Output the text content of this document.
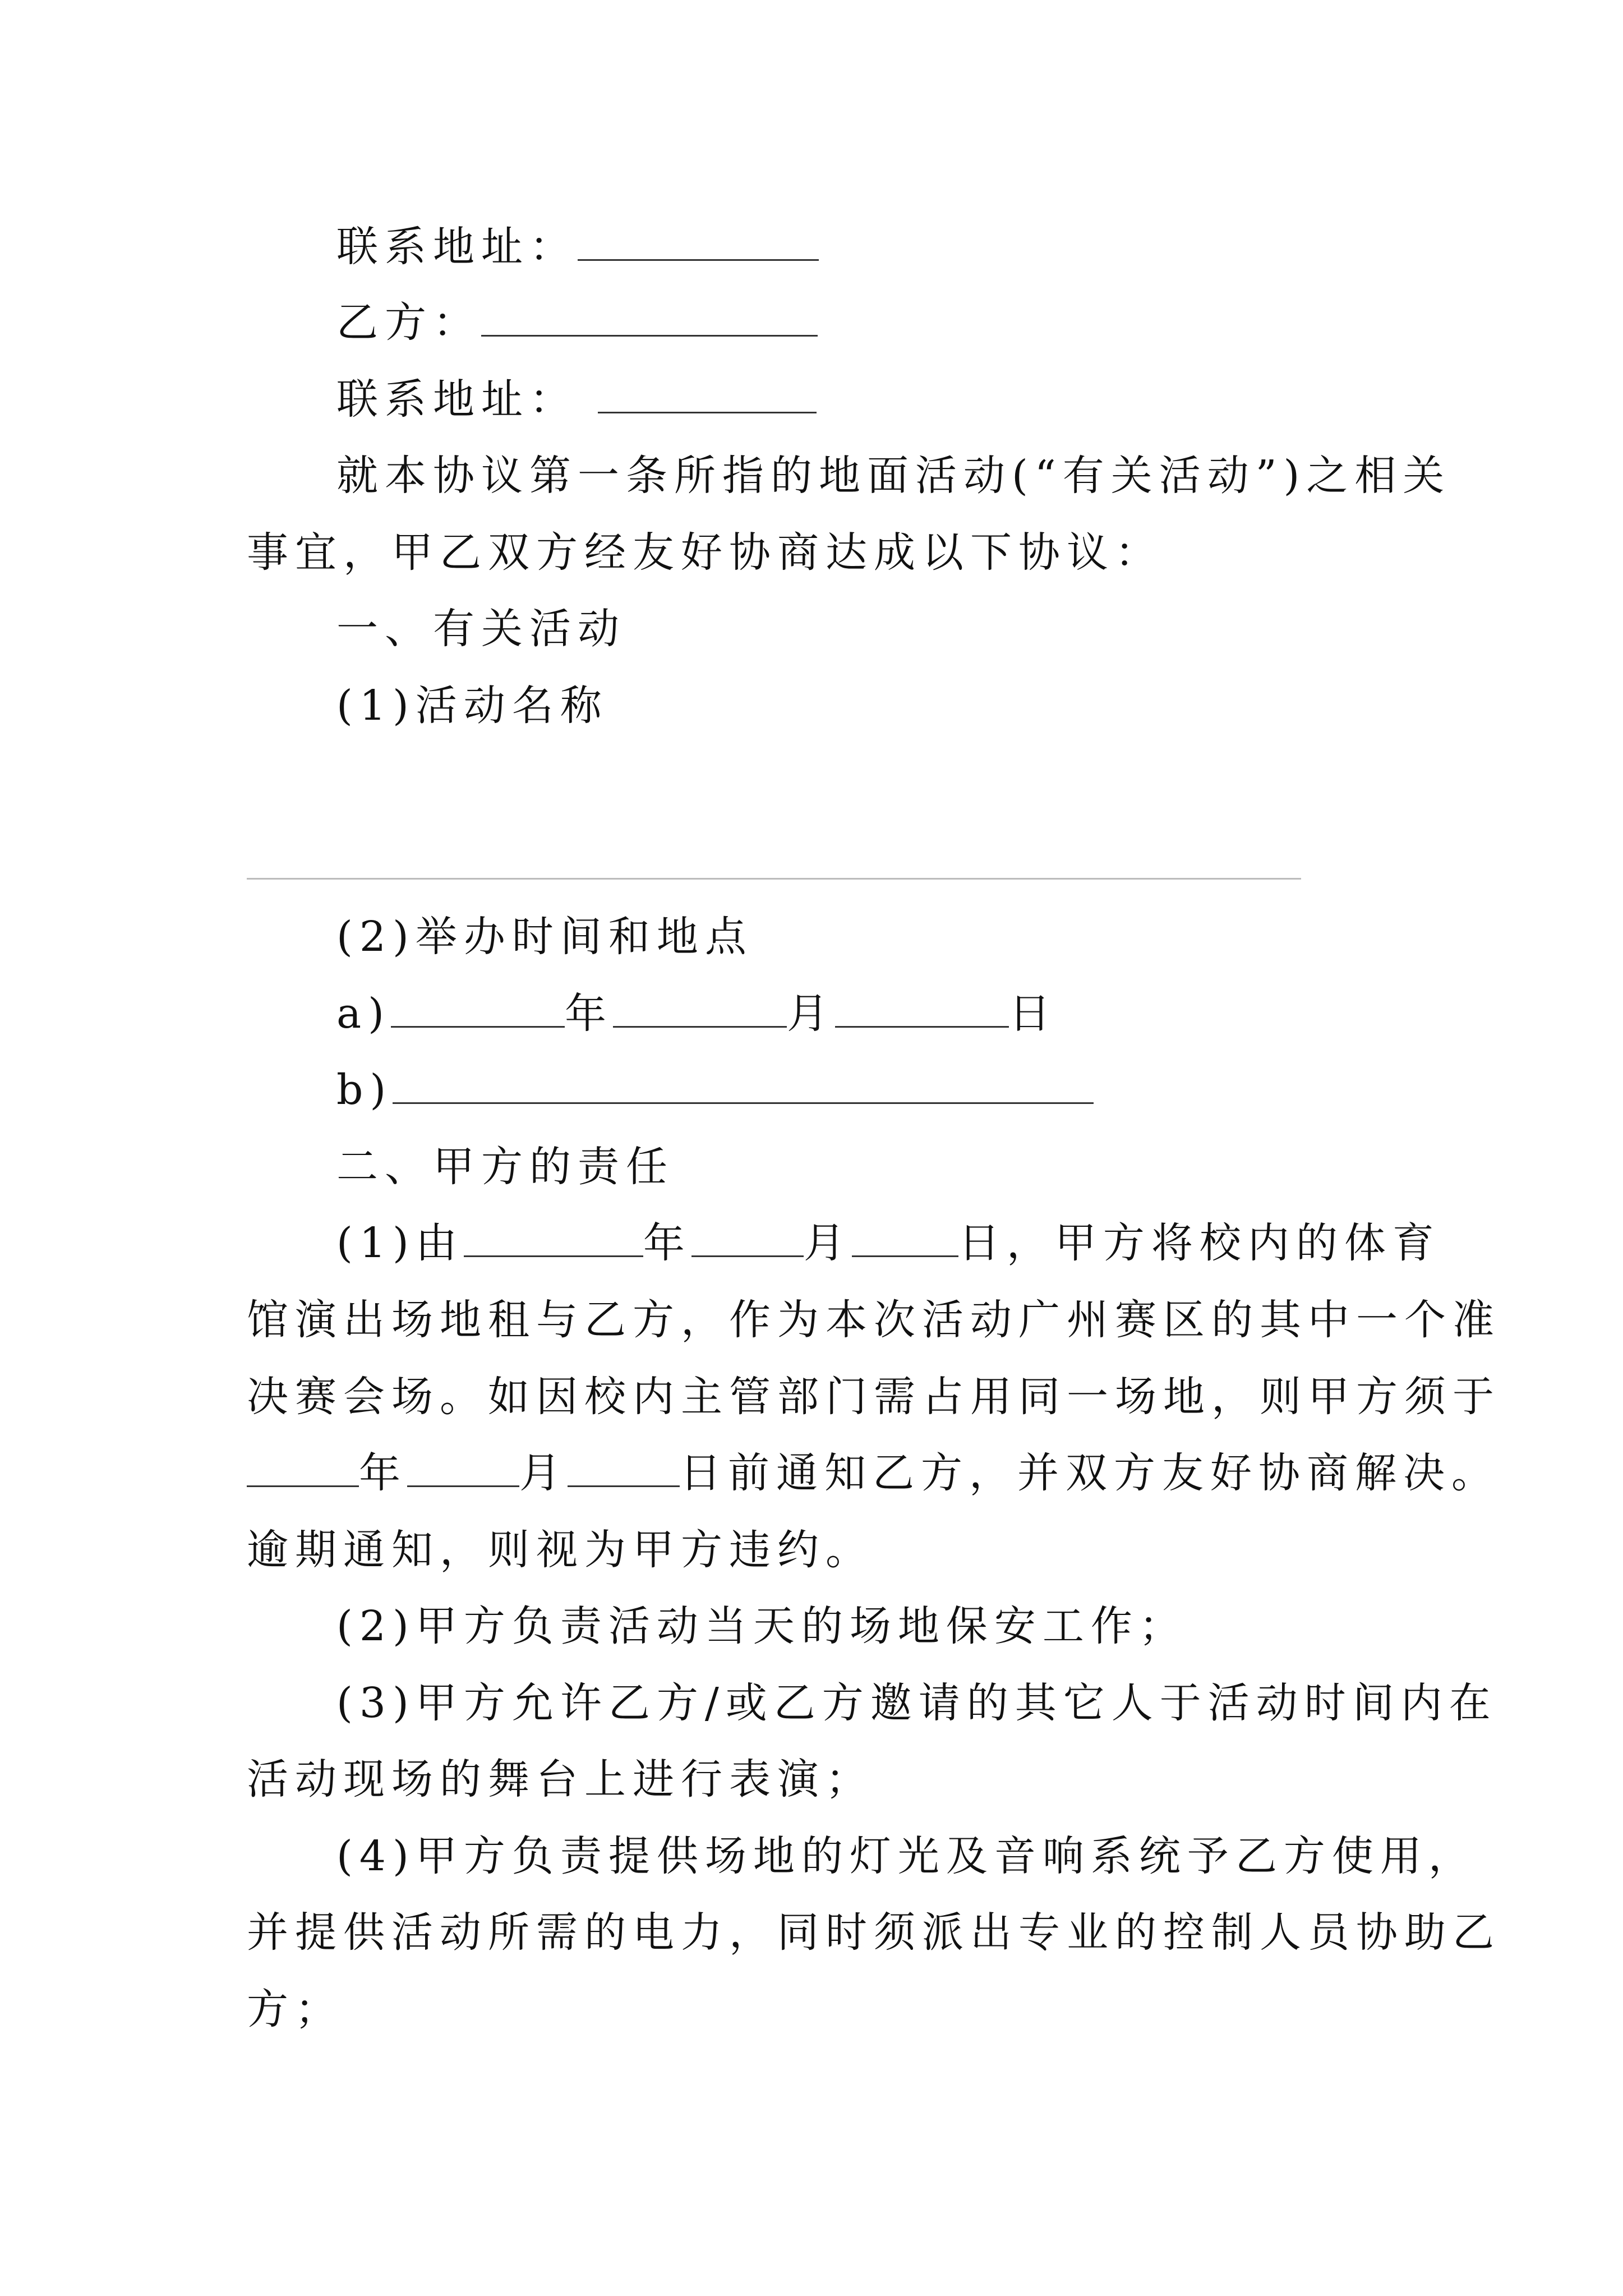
联系地址：
乙方：
联系地址：
就本协议第一条所指的地面活动(“有关活动”)之相关
事宜，甲乙双方经友好协商达成以下协议：
一、有关活动
(1)活动名称
(2)举办时间和地点
a)	年	月	日
b)
二、甲方的责任
(1)由	年	月	日，甲方将校内的体育
馆演出场地租与乙方，作为本次活动广州赛区的其中一个准
决赛会场。如因校内主管部门需占用同一场地，则甲方须于
年	月	日前通知乙方，并双方友好协商解决。
逾期通知，则视为甲方违约。
(2)甲方负责活动当天的场地保安工作；
(3)甲方允许乙方/或乙方邀请的其它人于活动时间内在
活动现场的舞台上进行表演；
(4)甲方负责提供场地的灯光及音响系统予乙方使用，
并提供活动所需的电力，同时须派出专业的控制人员协助乙
方；
